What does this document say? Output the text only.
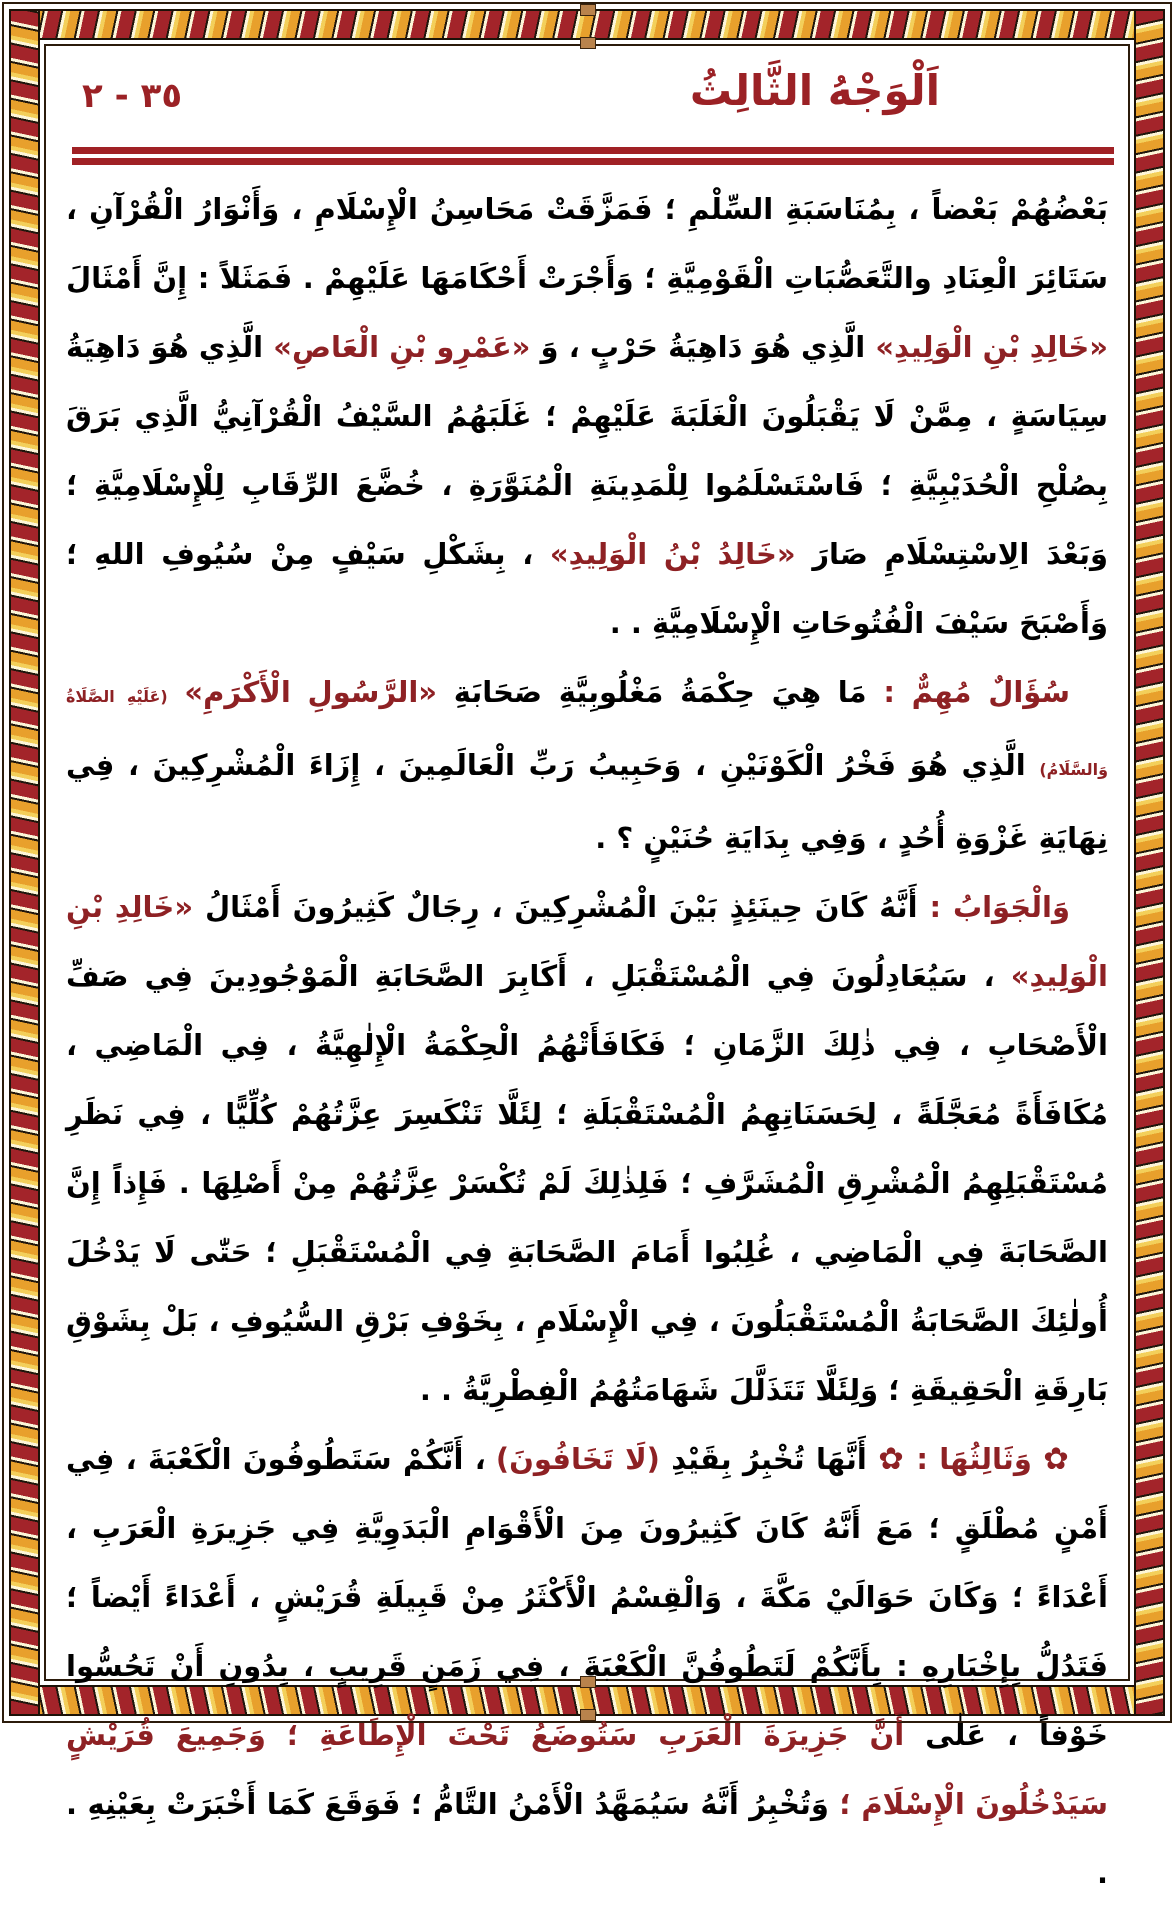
٣٥ - ٢	اَلْوَجْهُ الثَّالِثُ

بَعْضُهُمْ بَعْضاً ، بِمُنَاسَبَةِ السِّلْمِ ؛ فَمَزَّقَتْ مَحَاسِنُ الْإِسْلَامِ ، وَأَنْوَارُ الْقُرْآنِ ، سَتَائِرَ الْعِنَادِ والتَّعَصُّبَاتِ الْقَوْمِيَّةِ ؛ وَأَجْرَتْ أَحْكَامَهَا عَلَيْهِمْ . فَمَثَلاً : إِنَّ أَمْثَالَ «خَالِدِ بْنِ الْوَلِيدِ» الَّذِي هُوَ دَاهِيَةُ حَرْبٍ ، وَ «عَمْرِو بْنِ الْعَاصِ» الَّذِي هُوَ دَاهِيَةُ سِيَاسَةٍ ، مِمَّنْ لَا يَقْبَلُونَ الْغَلَبَةَ عَلَيْهِمْ ؛ غَلَبَهُمُ السَّيْفُ الْقُرْآنِيُّ الَّذِي بَرَقَ بِصُلْحِ الْحُدَيْبِيَّةِ ؛ فَاسْتَسْلَمُوا لِلْمَدِينَةِ الْمُنَوَّرَةِ ، خُضَّعَ الرِّقَابِ لِلْإِسْلَامِيَّةِ ؛ وَبَعْدَ الِاسْتِسْلَامِ صَارَ «خَالِدُ بْنُ الْوَلِيدِ» ، بِشَكْلِ سَيْفٍ مِنْ سُيُوفِ اللهِ ؛ وَأَصْبَحَ سَيْفَ الْفُتُوحَاتِ الْإِسْلَامِيَّةِ . .

سُؤَالٌ مُهِمٌّ : مَا هِيَ حِكْمَةُ مَغْلُوبِيَّةِ صَحَابَةِ «الرَّسُولِ الْأَكْرَمِ» (عَلَيْهِ الصَّلَاةُ وَالسَّلَامُ) الَّذِي هُوَ فَخْرُ الْكَوْنَيْنِ ، وَحَبِيبُ رَبِّ الْعَالَمِينَ ، إِزَاءَ الْمُشْرِكِينَ ، فِي نِهَايَةِ غَزْوَةِ أُحُدٍ ، وَفِي بِدَايَةِ حُنَيْنٍ ؟ .

وَالْجَوَابُ : أَنَّهُ كَانَ حِينَئِذٍ بَيْنَ الْمُشْرِكِينَ ، رِجَالٌ كَثِيرُونَ أَمْثَالُ «خَالِدِ بْنِ الْوَلِيدِ» ، سَيُعَادِلُونَ فِي الْمُسْتَقْبَلِ ، أَكَابِرَ الصَّحَابَةِ الْمَوْجُودِينَ فِي صَفِّ الْأَصْحَابِ ، فِي ذٰلِكَ الزَّمَانِ ؛ فَكَافَأَتْهُمُ الْحِكْمَةُ الْإِلٰهِيَّةُ ، فِي الْمَاضِي ، مُكَافَأَةً مُعَجَّلَةً ، لِحَسَنَاتِهِمُ الْمُسْتَقْبَلَةِ ؛ لِئَلَّا تَنْكَسِرَ عِزَّتُهُمْ كُلِّيًّا ، فِي نَظَرِ مُسْتَقْبَلِهِمُ الْمُشْرِقِ الْمُشَرَّفِ ؛ فَلِذٰلِكَ لَمْ تُكْسَرْ عِزَّتُهُمْ مِنْ أَصْلِهَا . فَإِذاً إِنَّ الصَّحَابَةَ فِي الْمَاضِي ، غُلِبُوا أَمَامَ الصَّحَابَةِ فِي الْمُسْتَقْبَلِ ؛ حَتّٰى لَا يَدْخُلَ أُولٰئِكَ الصَّحَابَةُ الْمُسْتَقْبَلُونَ ، فِي الْإِسْلَامِ ، بِخَوْفِ بَرْقِ السُّيُوفِ ، بَلْ بِشَوْقِ بَارِقَةِ الْحَقِيقَةِ ؛ وَلِئَلَّا تَتَذَلَّلَ شَهَامَتُهُمُ الْفِطْرِيَّةُ . .

✿ وَثَالِثُهَا : ✿ أَنَّهَا تُخْبِرُ بِقَيْدِ (لَا تَخَافُونَ) ، أَنَّكُمْ سَتَطُوفُونَ الْكَعْبَةَ ، فِي أَمْنٍ مُطْلَقٍ ؛ مَعَ أَنَّهُ كَانَ كَثِيرُونَ مِنَ الْأَقْوَامِ الْبَدَوِيَّةِ فِي جَزِيرَةِ الْعَرَبِ ، أَعْدَاءً ؛ وَكَانَ حَوَالَيْ مَكَّةَ ، وَالْقِسْمُ الْأَكْثَرُ مِنْ قَبِيلَةِ قُرَيْشٍ ، أَعْدَاءً أَيْضاً ؛ فَتَدُلُّ بِإِخْبَارِهِ : بِأَنَّكُمْ لَتَطُوفُنَّ الْكَعْبَةَ ، فِي زَمَنٍ قَرِيبٍ ، بِدُونِ أَنْ تَحُسُّوا خَوْفاً ، عَلٰى أَنَّ جَزِيرَةَ الْعَرَبِ سَتُوضَعُ تَحْتَ الْإِطَاعَةِ ؛ وَجَمِيعَ قُرَيْشٍ سَيَدْخُلُونَ الْإِسْلَامَ ؛ وَتُخْبِرُ أَنَّهُ سَيُمَهَّدُ الْأَمْنُ التَّامُّ ؛ فَوَقَعَ كَمَا أَخْبَرَتْ بِعَيْنِهِ . .
